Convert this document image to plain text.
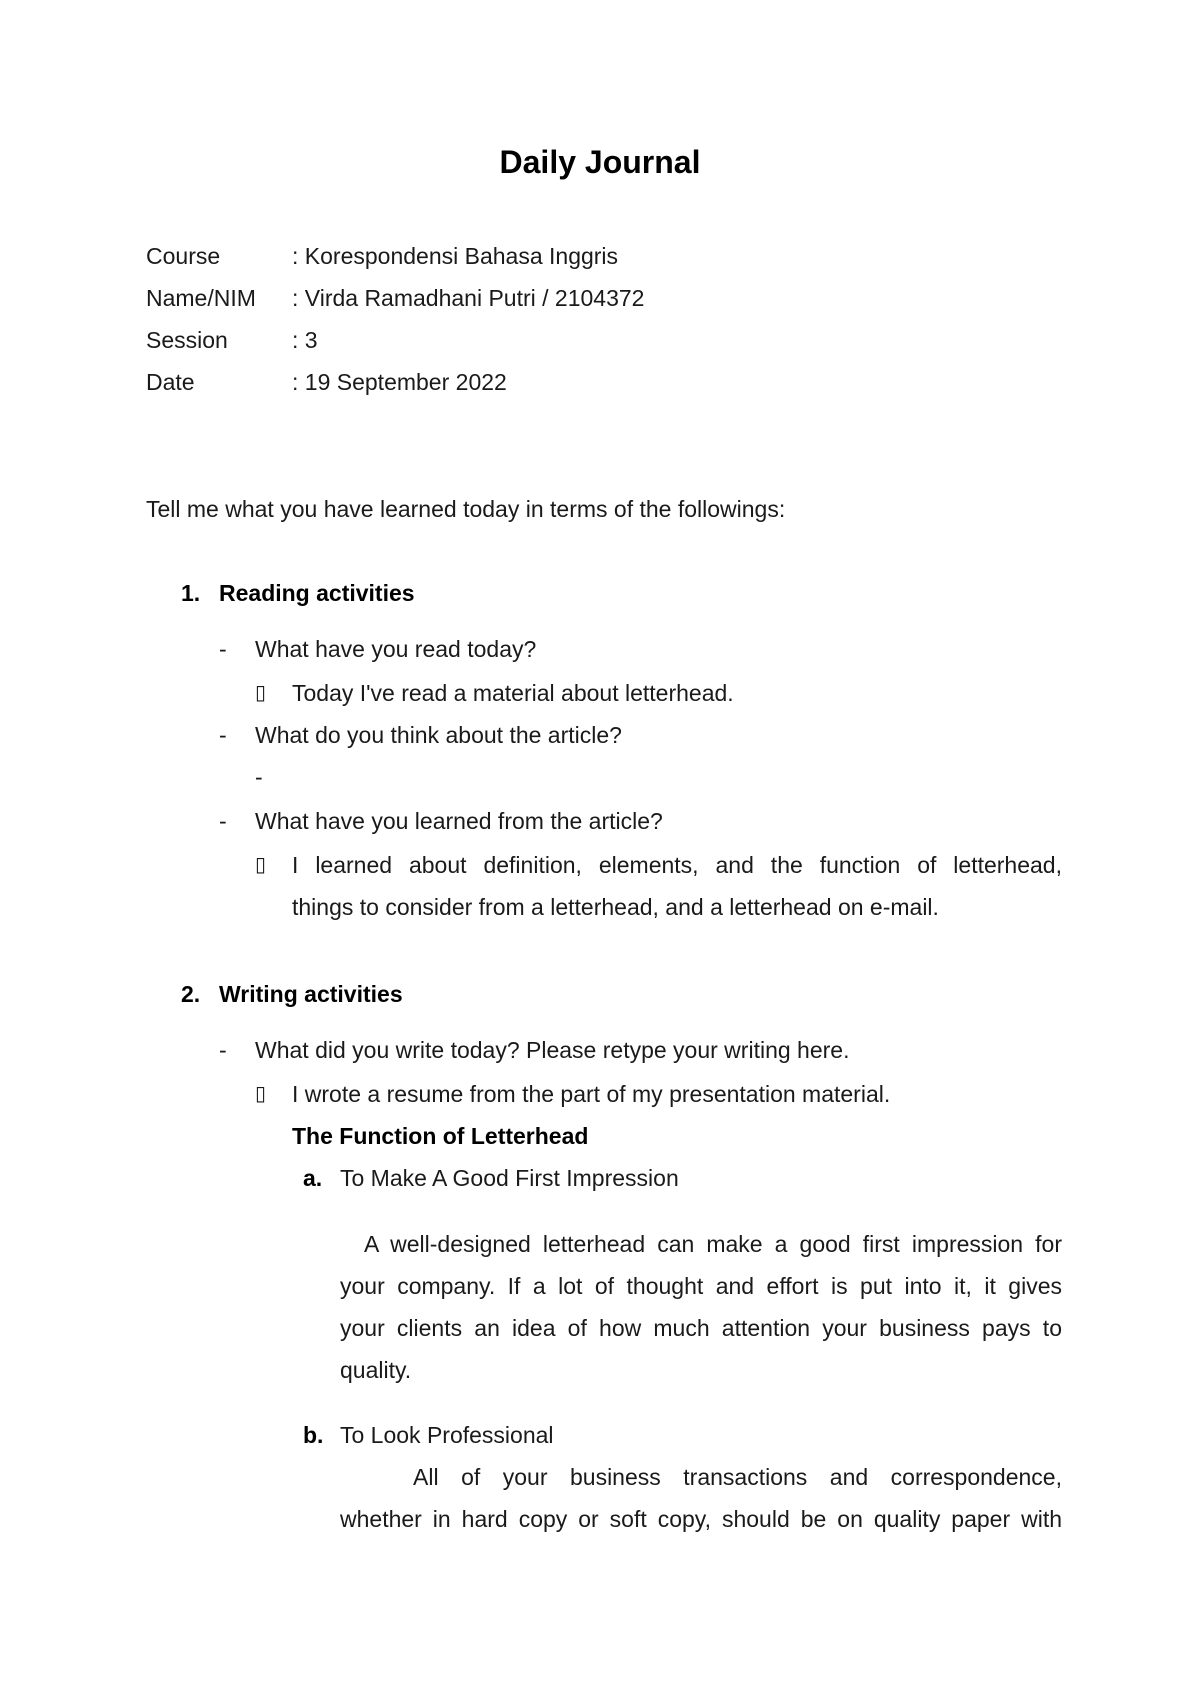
Daily Journal
Course	: Korespondensi Bahasa Inggris
Name/NIM : Virda Ramadhani Putri / 2104372
Session	: 3
Date	: 19 September 2022
Tell me what you have learned today in terms of the followings:
1. Reading activities
- What have you read today?
▯ Today I've read a material about letterhead.
- What do you think about the article?
-
- What have you learned from the article?
▯ I learned about definition, elements, and the function of letterhead,
things to consider from a letterhead, and a letterhead on e-mail.
2. Writing activities
- What did you write today? Please retype your writing here.
▯ I wrote a resume from the part of my presentation material.
The Function of Letterhead
a. To Make A Good First Impression
A well-designed letterhead can make a good first impression for
your company. If a lot of thought and effort is put into it, it gives
your clients an idea of how much attention your business pays to
quality.
b. To Look Professional
All of your business transactions and correspondence,
whether in hard copy or soft copy, should be on quality paper with
